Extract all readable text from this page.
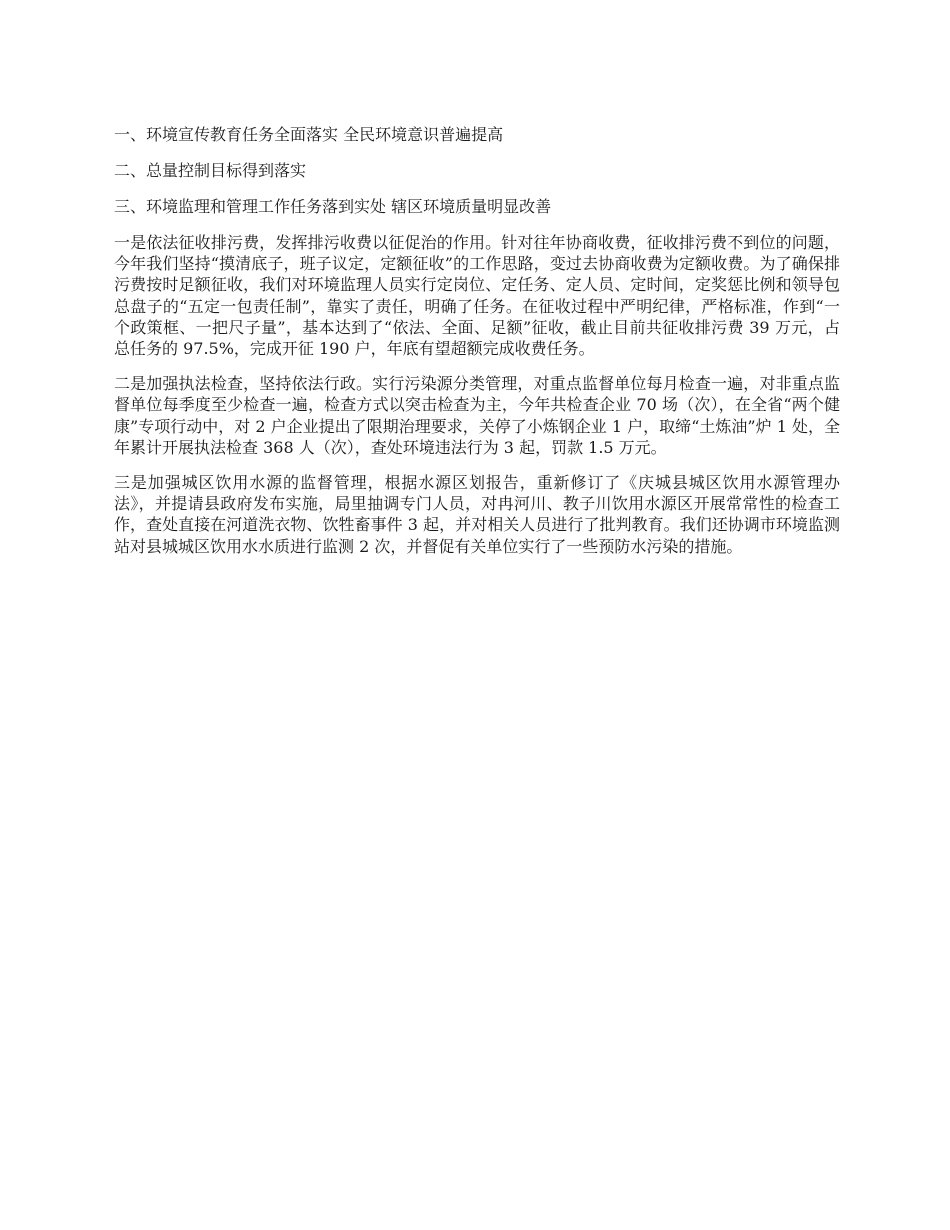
一、环境宣传教育任务全面落实 全民环境意识普遍提高
二、总量控制目标得到落实
三、环境监理和管理工作任务落到实处 辖区环境质量明显改善

一是依法征收排污费，发挥排污收费以征促治的作用。针对往年协商收费，征收排污费不到位的问题，今年我们坚持“摸清底子，班子议定，定额征收”的工作思路，变过去协商收费为定额收费。为了确保排污费按时足额征收，我们对环境监理人员实行定岗位、定任务、定人员、定时间，定奖惩比例和领导包总盘子的“五定一包责任制”，靠实了责任，明确了任务。在征收过程中严明纪律，严格标准，作到“一个政策框、一把尺子量”，基本达到了“依法、全面、足额”征收，截止目前共征收排污费 39 万元，占总任务的 97.5%，完成开征 190 户，年底有望超额完成收费任务。

二是加强执法检查，坚持依法行政。实行污染源分类管理，对重点监督单位每月检查一遍，对非重点监督单位每季度至少检查一遍，检查方式以突击检查为主，今年共检查企业 70 场（次），在全省“两个健康”专项行动中，对 2 户企业提出了限期治理要求，关停了小炼钢企业 1 户，取缔“土炼油”炉 1 处，全年累计开展执法检查 368 人（次），查处环境违法行为 3 起，罚款 1.5 万元。

三是加强城区饮用水源的监督管理，根据水源区划报告，重新修订了《庆城县城区饮用水源管理办法》，并提请县政府发布实施，局里抽调专门人员，对冉河川、教子川饮用水源区开展常常性的检查工作，查处直接在河道洗衣物、饮牲畜事件 3 起，并对相关人员进行了批判教育。我们还协调市环境监测站对县城城区饮用水水质进行监测 2 次，并督促有关单位实行了一些预防水污染的措施。
